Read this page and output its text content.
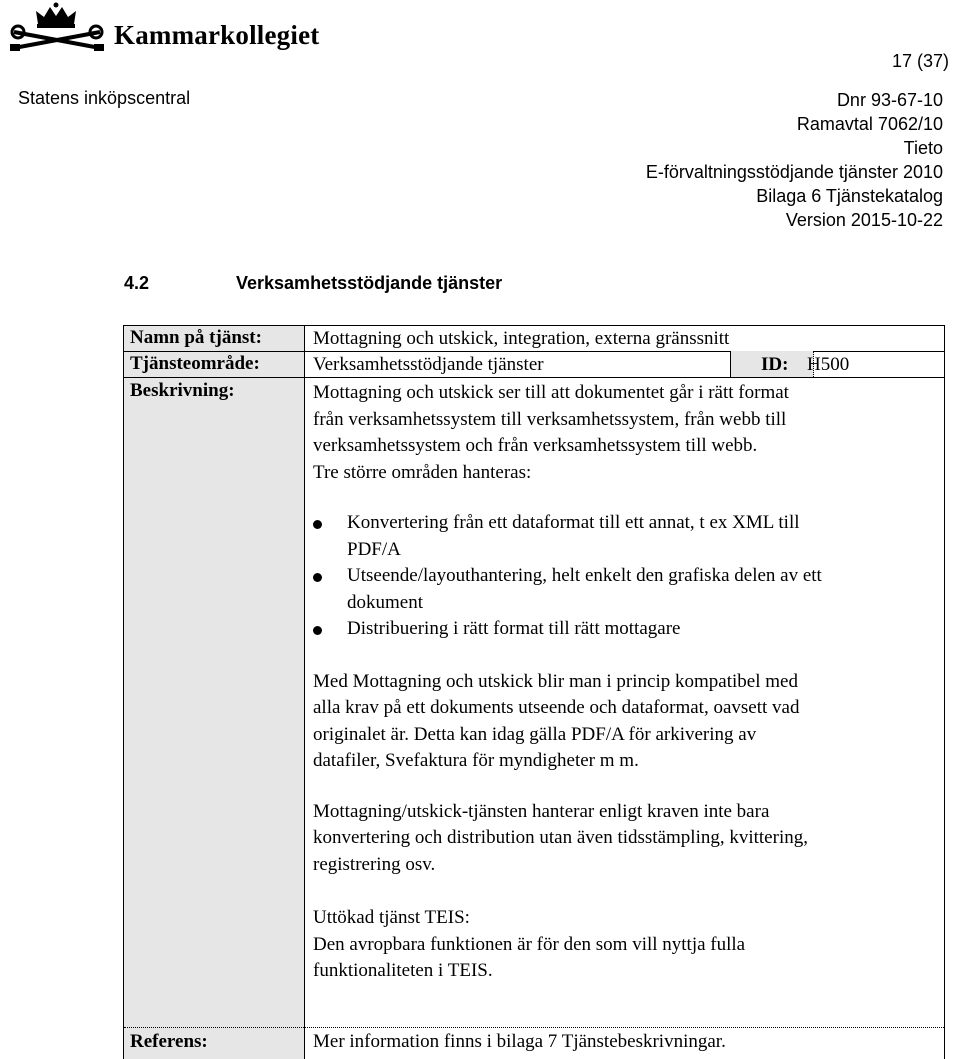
Kammarkollegiet
17 (37)
Statens inköpscentral	Dnr 93-67-10
Ramavtal 7062/10
Tieto
E-förvaltningsstödjande tjänster 2010
Bilaga 6 Tjänstekatalog
Version 2015-10-22
4.2	Verksamhetsstödjande tjänster
Namn på tjänst:	Mottagning och utskick, integration, externa gränssnitt
Tjänsteområde:	Verksamhetsstödjande tjänster	ID: H500
Beskrivning:	Mottagning och utskick ser till att dokumentet går i rätt format

från verksamhetssystem till verksamhetssystem, från webb till

verksamhetssystem och från verksamhetssystem till webb.

Tre större områden hanteras:

Konvertering från ett dataformat till ett annat, t ex XML till
PDF/A
Utseende/layouthantering, helt enkelt den grafiska delen av ett
dokument
Distribuering i rätt format till rätt mottagare

Med Mottagning och utskick blir man i princip kompatibel med

alla krav på ett dokuments utseende och dataformat, oavsett vad

originalet är. Detta kan idag gälla PDF/A för arkivering av

datafiler, Svefaktura för myndigheter m m.

Mottagning/utskick-tjänsten hanterar enligt kraven inte bara

konvertering och distribution utan även tidsstämpling, kvittering,

registrering osv.

Uttökad tjänst TEIS:

Den avropbara funktionen är för den som vill nyttja fulla

funktionaliteten i TEIS.

Referens:	Mer information finns i bilaga 7 Tjänstebeskrivningar.
